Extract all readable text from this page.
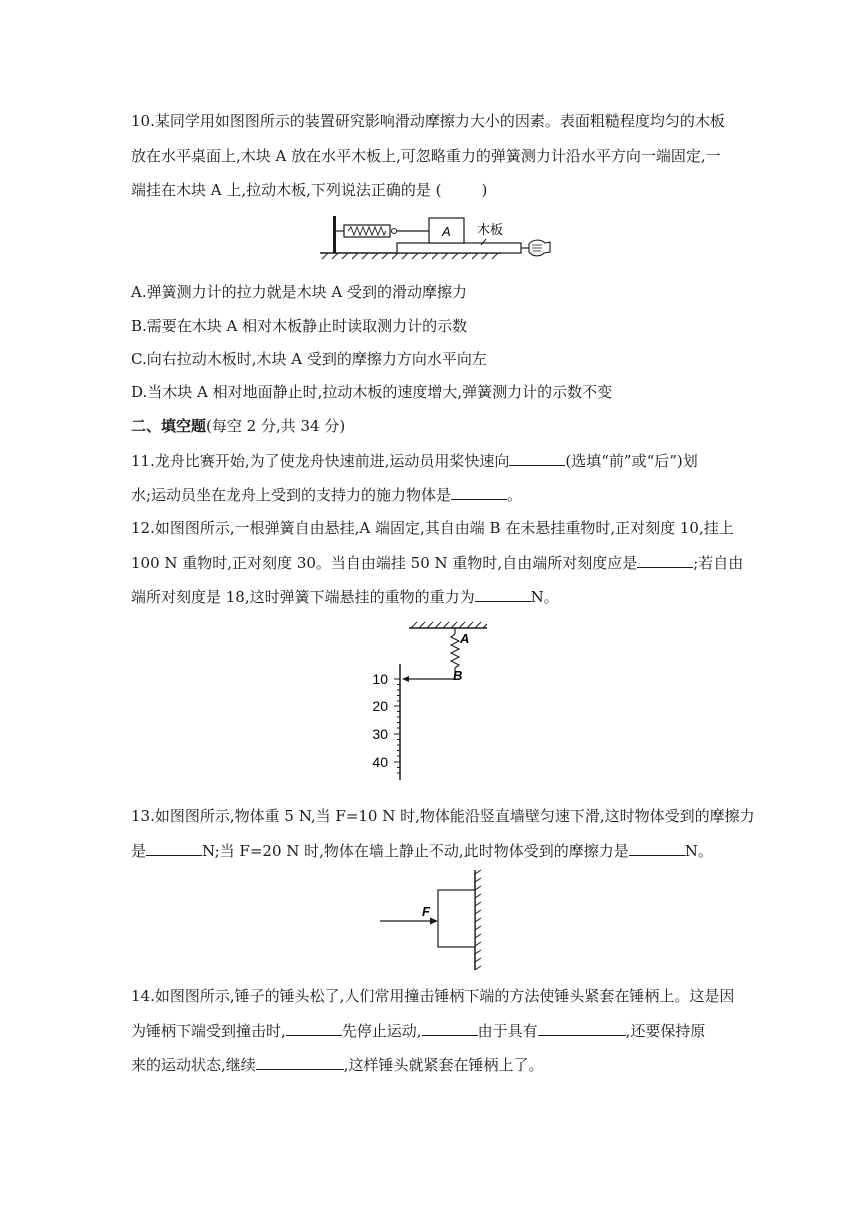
10.某同学用如图图所示的装置研究影响滑动摩擦力大小的因素。表面粗糙程度均匀的木板
放在水平桌面上,木块 A 放在水平木板上,可忽略重力的弹簧测力计沿水平方向一端固定,一
端挂在木块 A 上,拉动木板,下列说法正确的是 (	)
A 木板
A.弹簧测力计的拉力就是木块 A 受到的滑动摩擦力
B.需要在木块 A 相对木板静止时读取测力计的示数
C.向右拉动木板时,木块 A 受到的摩擦力方向水平向左
D.当木块 A 相对地面静止时,拉动木板的速度增大,弹簧测力计的示数不变
二、填空题(每空 2 分,共 34 分)
11.龙舟比赛开始,为了使龙舟快速前进,运动员用桨快速向	(选填“前”或“后”)划
水;运动员坐在龙舟上受到的支持力的施力物体是	。
12.如图图所示,一根弹簧自由悬挂,A 端固定,其自由端 B 在未悬挂重物时,正对刻度 10,挂上
100 N 重物时,正对刻度 30。当自由端挂 50 N 重物时,自由端所对刻度应是	;若自由
端所对刻度是 18,这时弹簧下端悬挂的重物的重力为	N。
A
B
10
20
30
40
13.如图图所示,物体重 5 N,当 F=10 N 时,物体能沿竖直墙壁匀速下滑,这时物体受到的摩擦力
是	N;当 F=20 N 时,物体在墙上静止不动,此时物体受到的摩擦力是	N。
F
14.如图图所示,锤子的锤头松了,人们常用撞击锤柄下端的方法使锤头紧套在锤柄上。这是因
为锤柄下端受到撞击时,	先停止运动,	由于具有	,还要保持原
来的运动状态,继续	,这样锤头就紧套在锤柄上了。
